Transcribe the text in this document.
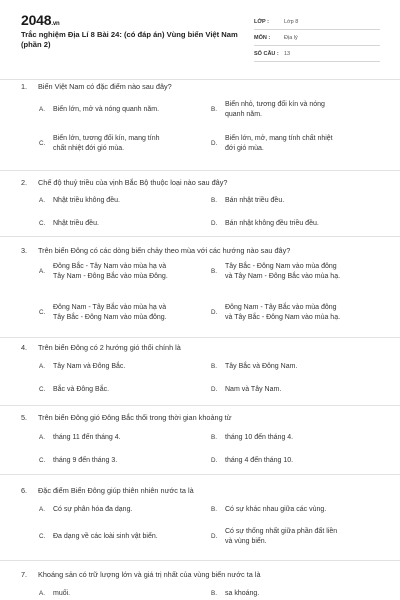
2048.vn
Trắc nghiệm Địa Lí 8 Bài 24: (có đáp án) Vùng biển Việt Nam (phần 2)
LỚP :	Lớp 8
MÔN :	Địa lý
SỐ CÂU : 13
1. Biển Việt Nam có đặc điểm nào sau đây?
A. Biển lớn, mở và nóng quanh năm.	B.
Biển nhỏ, tương đối kín và nóng
quanh năm.
C.
Biển lớn, tương đối kín, mang tính
chất nhiệt đới gió mùa.
D.
Biển lớn, mở, mang tính chất nhiệt
đới gió mùa.
2. Chế độ thuỷ triều của vịnh Bắc Bộ thuộc loại nào sau đây?
A. Nhật triều không đều.	B. Bán nhật triều đều.
C. Nhật triều đều.	D. Bán nhật không đều triều đều.
3. Trên biển Đông có các dòng biển chảy theo mùa với các hướng nào sau đây?
A.
Đông Bắc - Tây Nam vào mùa hạ và
Tây Nam - Đông Bắc vào mùa Đông.
B.
Tây Bắc - Đông Nam vào mùa đông
và Tây Nam - Đông Bắc vào mùa hạ.
C.
Đông Nam - Tây Bắc vào mùa hạ và
Tây Bắc - Đông Nam vào mùa đông.
D.
Đông Nam - Tây Bắc vào mùa đông
và Tây Bắc - Đông Nam vào mùa hạ.
4. Trên biển Đông có 2 hướng gió thổi chính là
A. Tây Nam và Đông Bắc.	B. Tây Bắc và Đông Nam.
C. Bắc và Đông Bắc.	D. Nam và Tây Nam.
5. Trên biển Đông gió Đông Bắc thổi trong thời gian khoảng từ
A. tháng 11 đến tháng 4.	B. tháng 10 đến tháng 4.
C. tháng 9 đến tháng 3.	D. tháng 4 đến tháng 10.
6. Đặc điểm Biển Đông giúp thiên nhiên nước ta là
A. Có sự phân hóa đa dạng.	B. Có sự khác nhau giữa các vùng.
C. Đa dạng về các loài sinh vật biển.	D.
Có sự thống nhất giữa phần đất liền
và vùng biển.
7. Khoáng sản có trữ lượng lớn và giá trị nhất của vùng biển nước ta là
A. muối.	B. sa khoáng.
